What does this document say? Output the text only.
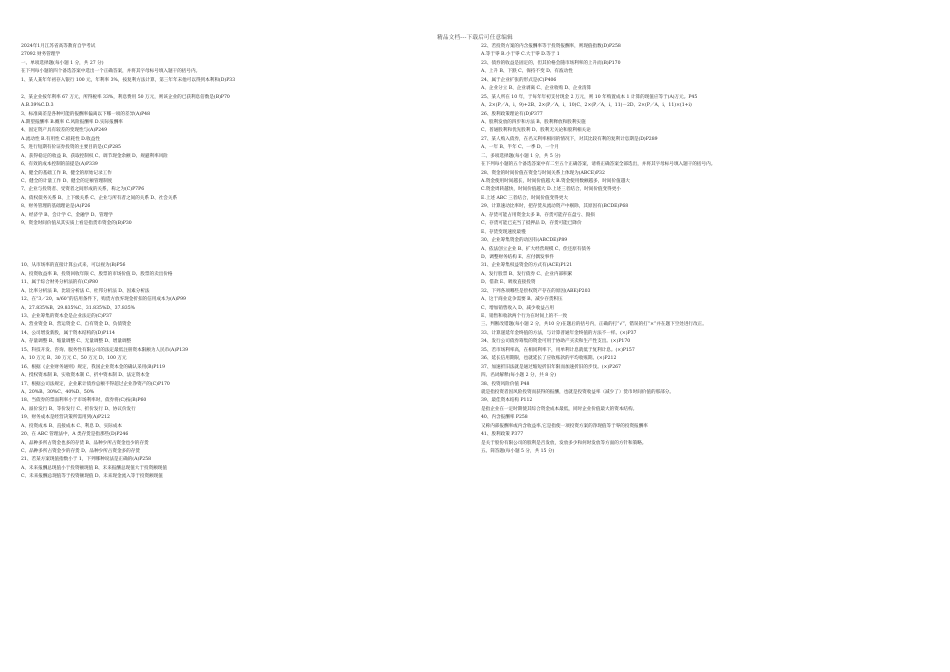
精品文档---下载后可任意编辑
2024年1月江苏省高等教育自学考试
27092 财务管理学
一、单项选择题(每小题 1 分，共 27 分)
在下列每小题的四个备选答案中选出一个正确答案，并将其字母标号填入题干的括号内。
1、某人某年年初存入银行 100 元，年利率 3%，按复利方法计算，第三年年末他可以得到本利和(D)P33
2、某企业按年利率 67 万元，所得税率 33%，利息费用 50 万元，则该企业的已获利息倍数是(B)P70
A.B.39%C.D.3
3、标准离差是各种可能的报酬率偏离以下哪一项的差异(A)P48
A.期望报酬率 B.概率 C.风险报酬率 D.实际报酬率
4、固定资产具有较差的变现性与(A)P249
A.流动性 B.有用性 C.损耗性 D.收益性
5、进行短期有价证券投资的主要目的是(C)P285
A、获得稳定的收益 B、获取控制权 C、调节现金余额 D、规避利率风险
6、有效的成本控制的前提是(A)P339
A、健全的基础工作 B、健全的原始记录工作
C、健全的计量工作 D、健全的定额管理制度
7、企业与投资者、受资者之间形成的关系，称之为(C)P7P6
A、债权债务关系 B、上下级关系 C、企业与所有者之间的关系 D、社会关系
8、财务管理的基础理论是(A)P26
A、经济学 B、会计学 C、金融学 D、管理学
9、资金时间价值从其实质上看是指货币资金的(B)P30
10、从市场率的直接计算公式来，可以视为(B)P56
A、投资收益率 B、投资回收年限 C、股票的市场价值 D、股票的卖出价格
11、属于综合财务分析法的有(C)P80
A、比率分析法 B、比较分析法 C、杜邦分析法 D、因素分析法
12、在“3／20，n/60”的信用条件下，购货方放弃现金折扣的信用成本为(A)P99
A、27.835%B、29.835%C、31.835%D、37.835%
13、企业筹集的资本金是企业法定的(C)P37
A、营业资金 B、营运资金 C、自有资金 D、负债资金
14、公司增发新股，属于资本结构的(D)P114
A、存量调整 B、缩量调整 C、无量调整 D、增量调整
15、科技开发、咨询、服务性有限公司的法定最低注册资本限额为人民币(A)P139
A、10 万元 B、30 万元 C、50 万元 D、100 万元
16、根据《企业财务通则》规定，我国企业资本金的确认采用(B)P119
A、授权资本制 B、实收资本制 C、折中资本制 D、法定资本金
17、根据公司法规定，企业累计债券总额不得超过企业净资产的(C)P170
A、20%B、30%C、40%D、50%
18、当债券的票面利率小于市场利率时，债券将(C)按(B)P60
A、溢价发行 B、等价发行 C、折价发行 D、协议价发行
19、财务成本是经营决策所需用到(A)P212
A、投资成本 B、直接成本 C、利息 D、实际成本
20、在 ABC 管理法中，A 类存货是指那些(D)P246
A、品种多所占资金也多的存货 B、品种少所占资金也少的存货
C、品种多所占资金少的存货 D、品种少所占资金多的存货
21、若某方案现值指数小于 1，下列哪种说法是正确的(A)P258
A、未来报酬总现值小于投资额现值 B、未来报酬总现值大于投资额现值
C、未来报酬总现值等于投资额现值 D、未来现金流入等于投资额现值
22、若投资方案的内含报酬率等于投资报酬率，则现值指数(D)P258
A.等于零 B.小于零 C.大于零 D.等于 1
23、债券的收益是固定的，但其价格会随市场利率的上升而(B)P170
A、上升 B、下跌 C、保持不变 D、有波动性
24、属于企业扩张的形式是(C)P406
A、企业分立 B、企业剥离 C、企业收购 D、企业清算
25、某人所在 10 年，于每年年初支付现金 2 万元，则 10 年购置成本 1 计算的现值应等于(A)万元。P45
A、2×(P／A，i，9)+2B、2×(P／A，i，10)C、2×(P／A，i，11)－2D、2×(P／A，i，11)×(1+i)
26、股利政策理论有(D)P377
A、股利发放的四步和方法 B、股利释放和股利实施
C、普通股利和优先股利 D、股利无关论和股利相关论
27、某人购入债券，在名义利率相同的情况下，对其比较有利的复利计息期是(D)P289
A、一年 B、半年 C、一季 D、一个月
二、多项选择题(每小题 1 分，共 5 分)
在下列每小题的五个备选答案中有二至五个正确答案，请将正确答案全部选出，并将其字母标号填入题干的括号内。
28、资金的时间价值在资金与时间关系上体现为(ABCE)P32
A.资金使用时间越长，时间价值越大 B.资金使用数额越多，时间价值越大
C.资金周转越快，时间价值越大 D.上述三者结合，时间价值变得更小
E.上述 ABC 三者结合，时间价值变得更大
29、计算速动比率时，把存货从流动资产中剔除，其原因有(BCDE)P68
A、存货可能占用资金太多 B、存货可能存在盘亏、毁损
C、存货可能已充当了抵押品 D、存货可能已降价
E、存货变现速度最慢
30、企业筹集资金的动因有(ABCDE)P89
A、依法创立企业 B、扩大经营规模 C、偿还原有债务
D、调整财务结构 E、应付偶发事件
31、企业筹集权益资金的方式有(ACE)P121
A、发行股票 B、发行债券 C、企业内部积累
D、借款 E、吸收直接投资
32、下列各项哪些是偿权资产存在的原因(ABE)P203
A、这于商业竞争需要 B、减少存货积压
C、增加销售收入 D、减少收益占用
E、销售和收款两个行为在时间上的不一致
三、判断改错题(每小题 2 分，共10 分)在题后的括号内，正确的打“√”，错误的打“×”并在题下空处进行改正。
33、计算递延年金终值的方法，与计算普通年金终值的方法不一样。(×)P37
34、发行公司债券筹集的资金可用于协助产买卖和生产性支出。(×)P170
35、若市场利率高，在相同利率下，用单利计息就低于复利计息。(×)P157
36、延长信用期限，也就延长了应收账款的平均收账期。(×)P212
37、加速折旧法就是通过缩短折旧年限而加速折旧的步伐。(×)P267
四、名词解释(每小题 2 分，共 8 分)
38、投资风险价值 P48
就是指投资者因风险投资而获得的报酬，也就是投资收益率（减少了）货币时间价值的那部分。
39、最佳资本结构 P112
是指企业在一定时期使其综合资金成本最低，同时企业价值最大的资本结构。
40、内含报酬率 P258
又称内部报酬率或内含收益率,它是指使一项投资方案的净现值等于零的投资报酬率
41、股利政策 P377
是关于股份有限公司的股利是否发放，发放多少和何时发放等方面的方针和策略。
五、简答题(每小题 5 分，共 15 分)
